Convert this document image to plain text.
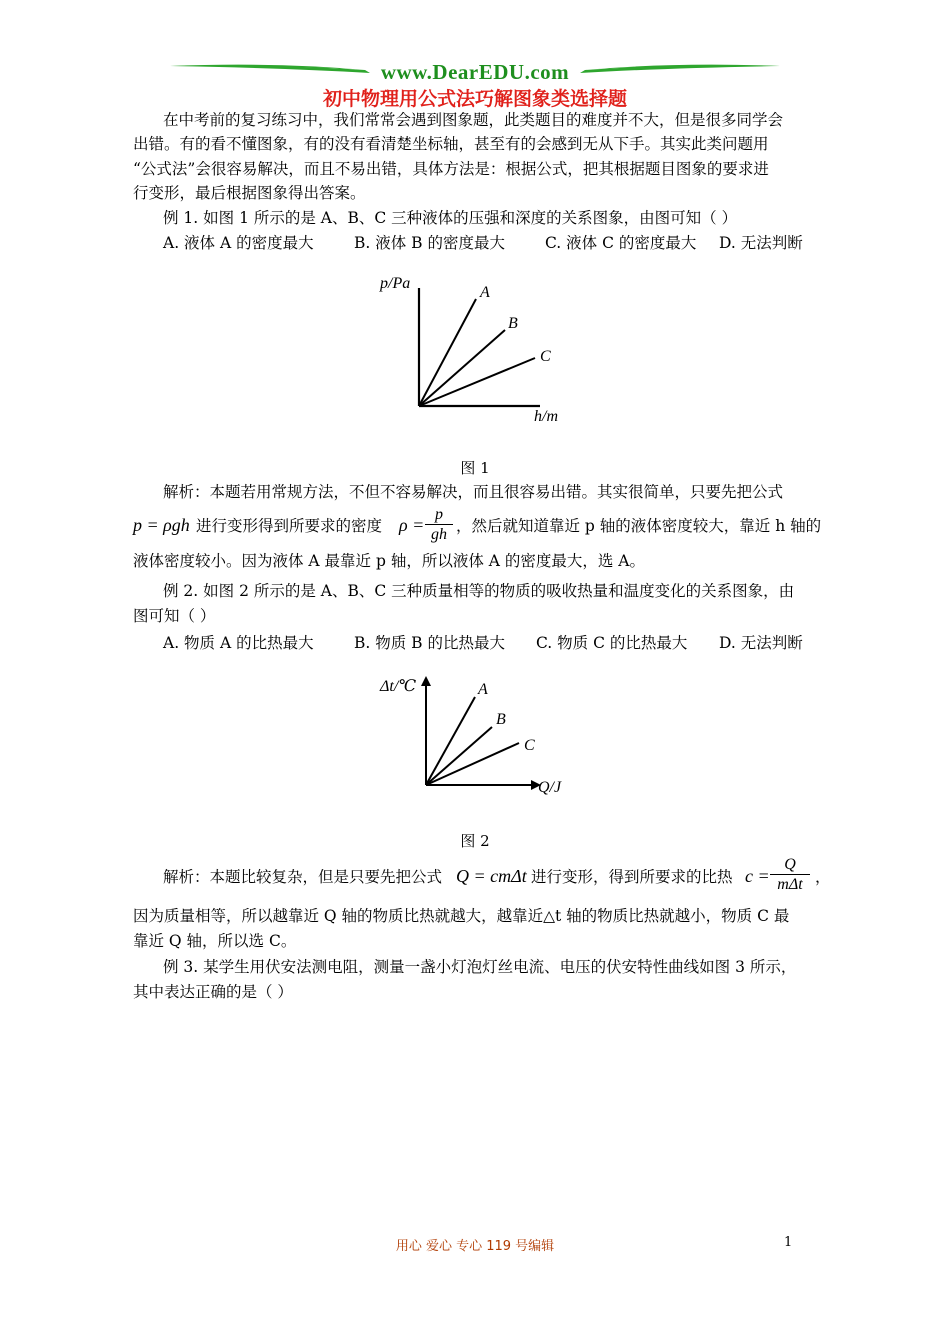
www.DearEDU.com
初中物理用公式法巧解图象类选择题
在中考前的复习练习中，我们常常会遇到图象题，此类题目的难度并不大，但是很多同学会
出错。有的看不懂图象，有的没有看清楚坐标轴，甚至有的会感到无从下手。其实此类问题用
“公式法”会很容易解决，而且不易出错，具体方法是：根据公式，把其根据题目图象的要求进
行变形，最后根据图象得出答案。
例 1. 如图 1 所示的是 A、B、C 三种液体的压强和深度的关系图象，由图可知（ ）
A. 液体 A 的密度最大	B. 液体 B 的密度最大	C. 液体 C 的密度最大 D. 无法判断
p/Pa
h/m
A
B
C
图 1
解析：本题若用常规方法，不但不容易解决，而且很容易出错。其实很简单，只要先把公式
p = ρgh 进行变形得到所要求的密度 ρ =
p
gh ，然后就知道靠近 p 轴的液体密度较大，靠近 h 轴的
液体密度较小。因为液体 A 最靠近 p 轴，所以液体 A 的密度最大，选 A。
例 2. 如图 2 所示的是 A、B、C 三种质量相等的物质的吸收热量和温度变化的关系图象，由
图可知（ ）
A. 物质 A 的比热最大	B. 物质 B 的比热最大 C. 物质 C 的比热最大 D. 无法判断
Δt/℃
Q/J
A
B
C
图 2
解析：本题比较复杂，但是只要先把公式 Q = cmΔt 进行变形，得到所要求的比热 c =
Q
mΔt ，
因为质量相等，所以越靠近 Q 轴的物质比热就越大，越靠近△t 轴的物质比热就越小，物质 C 最
靠近 Q 轴，所以选 C。
例 3. 某学生用伏安法测电阻，测量一盏小灯泡灯丝电流、电压的伏安特性曲线如图 3 所示，
其中表达正确的是（ ）
用心 爱心 专心 119 号编辑	1
